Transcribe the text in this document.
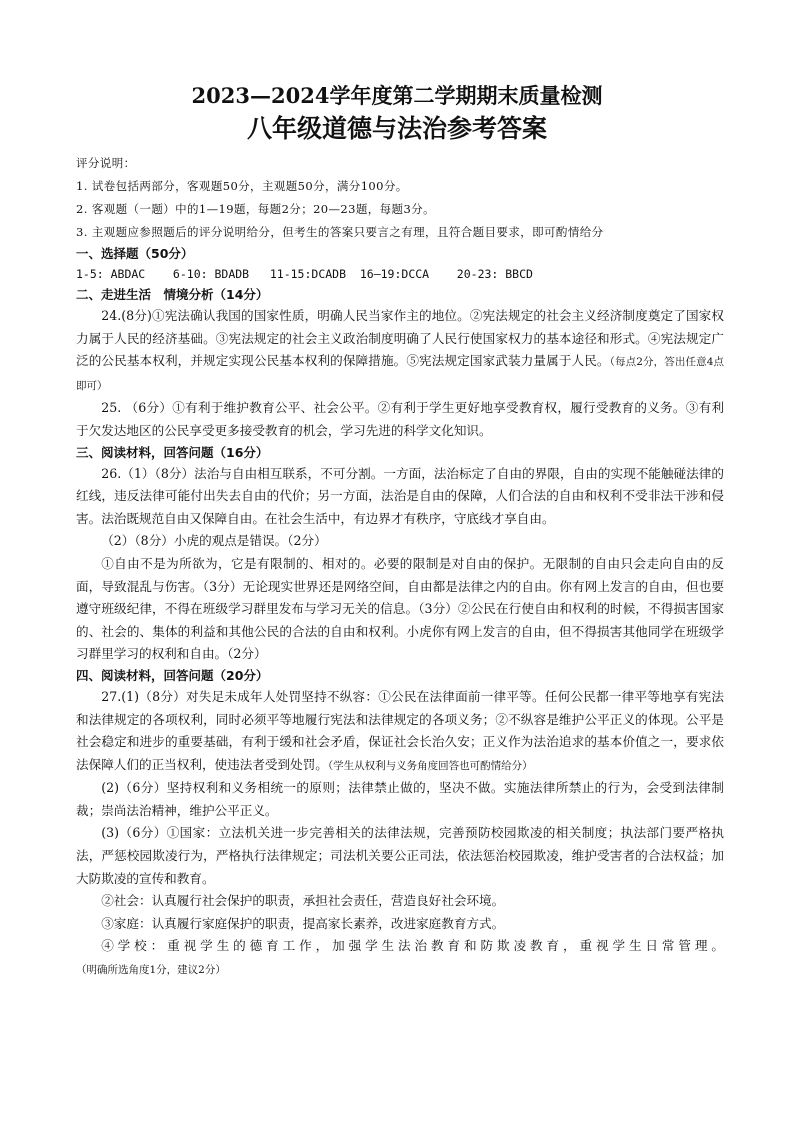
2023—2024学年度第二学期期末质量检测
八年级道德与法治参考答案

评分说明：

1. 试卷包括两部分，客观题50分，主观题50分，满分100分。

2. 客观题（一题）中的1—19题，每题2分；20—23题，每题3分。

3. 主观题应参照题后的评分说明给分，但考生的答案只要言之有理，且符合题目要求，即可酌情给分

一、选择题（50分）

1-5: ABDAC    6-10: BDADB   11-15:DCADB  16—19:DCCA    20-23: BBCD

二、走进生活　情境分析（14分）

24.(8分)①宪法确认我国的国家性质，明确人民当家作主的地位。②宪法规定的社会主义经济制度奠定了国家权力属于人民的经济基础。③宪法规定的社会主义政治制度明确了人民行使国家权力的基本途径和形式。④宪法规定广泛的公民基本权利，并规定实现公民基本权利的保障措施。⑤宪法规定国家武装力量属于人民。（每点2分，答出任意4点即可）

25. （6分）①有利于维护教育公平、社会公平。②有利于学生更好地享受教育权，履行受教育的义务。③有利于欠发达地区的公民享受更多接受教育的机会，学习先进的科学文化知识。

三、阅读材料，回答问题（16分）

26.（1）（8分）法治与自由相互联系，不可分割。一方面，法治标定了自由的界限，自由的实现不能触碰法律的红线，违反法律可能付出失去自由的代价；另一方面，法治是自由的保障，人们合法的自由和权利不受非法干涉和侵害。法治既规范自由又保障自由。在社会生活中，有边界才有秩序，守底线才享自由。

（2）（8分）小虎的观点是错误。（2分）

①自由不是为所欲为，它是有限制的、相对的。必要的限制是对自由的保护。无限制的自由只会走向自由的反面，导致混乱与伤害。（3分）无论现实世界还是网络空间，自由都是法律之内的自由。你有网上发言的自由，但也要遵守班级纪律，不得在班级学习群里发布与学习无关的信息。（3分）②公民在行使自由和权利的时候，不得损害国家的、社会的、集体的利益和其他公民的合法的自由和权利。小虎你有网上发言的自由，但不得损害其他同学在班级学习群里学习的权利和自由。（2分）

四、阅读材料，回答问题（20分）

27.(1)（8分）对失足未成年人处罚坚持不纵容：①公民在法律面前一律平等。任何公民都一律平等地享有宪法和法律规定的各项权利，同时必须平等地履行宪法和法律规定的各项义务；②不纵容是维护公平正义的体现。公平是社会稳定和进步的重要基础，有利于缓和社会矛盾，保证社会长治久安；正义作为法治追求的基本价值之一，要求依法保障人们的正当权利，使违法者受到处罚。（学生从权利与义务角度回答也可酌情给分）

(2)（6分）坚持权利和义务相统一的原则；法律禁止做的，坚决不做。实施法律所禁止的行为，会受到法律制裁；崇尚法治精神，维护公平正义。

(3)（6分）①国家：立法机关进一步完善相关的法律法规，完善预防校园欺凌的相关制度；执法部门要严格执法，严惩校园欺凌行为，严格执行法律规定；司法机关要公正司法，依法惩治校园欺凌，维护受害者的合法权益；加大防欺凌的宣传和教育。

②社会：认真履行社会保护的职责，承担社会责任，营造良好社会环境。

③家庭：认真履行家庭保护的职责，提高家长素养，改进家庭教育方式。

④学校：重视学生的德育工作，加强学生法治教育和防欺凌教育，重视学生日常管理。（明确所选角度1分，建议2分）
